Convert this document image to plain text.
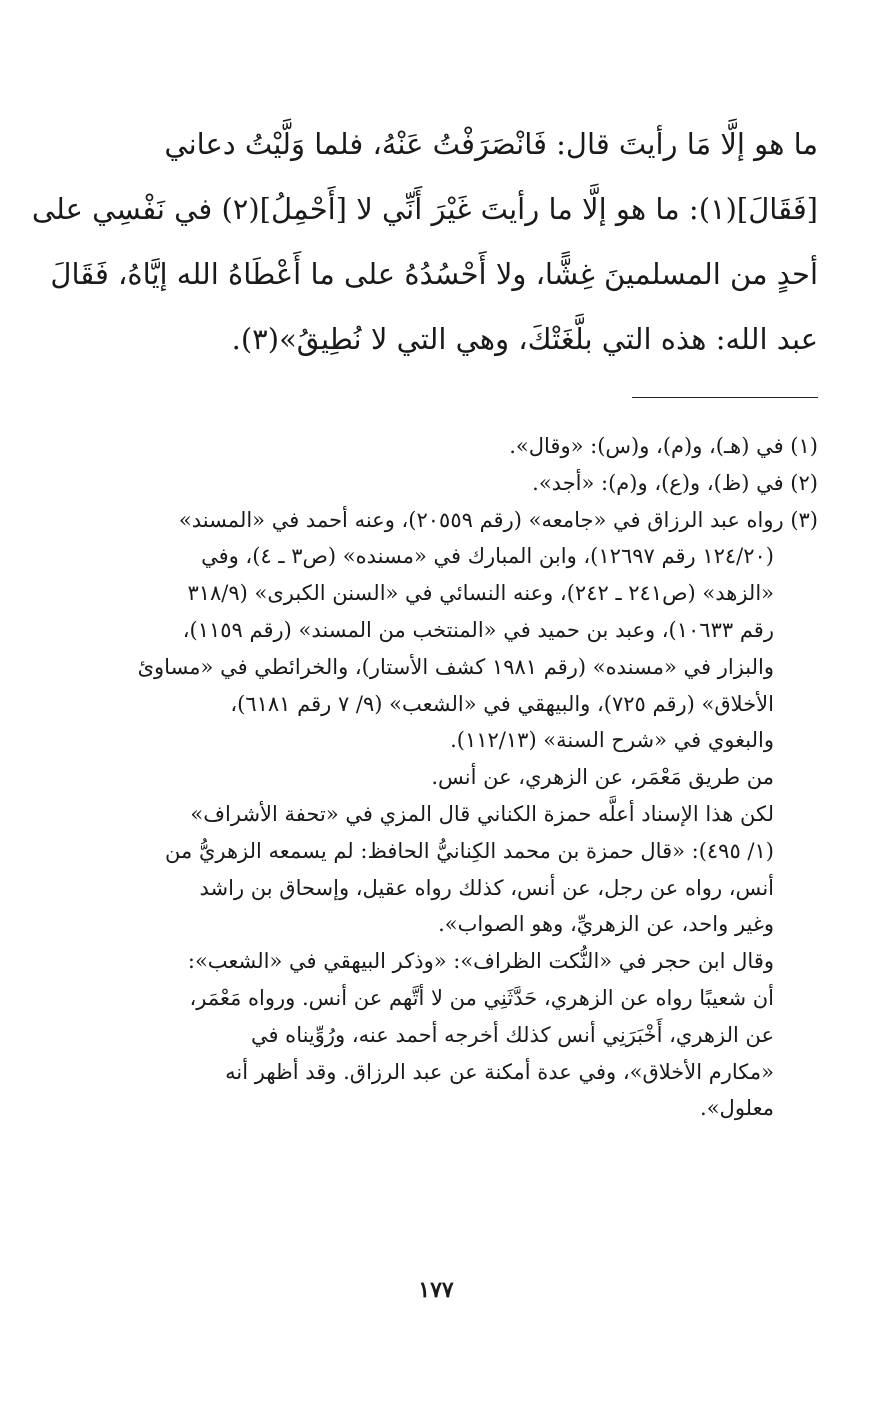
ما هو إلَّا مَا رأيتَ قال: فَانْصَرَفْتُ عَنْهُ، فلما وَلَّيْتُ دعاني
[فَقَالَ](١): ما هو إلَّا ما رأيتَ غَيْرَ أَنِّي لا [أَحْمِلُ](٢) في نَفْسِي على
أحدٍ من المسلمينَ غِشًّا، ولا أَحْسُدُهُ على ما أَعْطَاهُ الله إيَّاهُ، فَقَالَ
عبد الله: هذه التي بلَّغَتْكَ، وهي التي لا نُطِيقُ»(٣).
(١) في (هـ)، و(م)، و(س): «وقال».
(٢) في (ظ)، و(ع)، و(م): «أجد».
(٣) رواه عبد الرزاق في «جامعه» (رقم ٢٠٥٥٩)، وعنه أحمد في «المسند»
(١٢٤/٢٠ رقم ١٢٦٩٧)، وابن المبارك في «مسنده» (ص٣ ـ ٤)، وفي
«الزهد» (ص٢٤١ ـ ٢٤٢)، وعنه النسائي في «السنن الكبرى» (٣١٨/٩
رقم ١٠٦٣٣)، وعبد بن حميد في «المنتخب من المسند» (رقم ١١٥٩)،
والبزار في «مسنده» (رقم ١٩٨١ كشف الأستار)، والخرائطي في «مساوئ
الأخلاق» (رقم ٧٢٥)، والبيهقي في «الشعب» (٩/ ٧ رقم ٦١٨١)،
والبغوي في «شرح السنة» (١١٢/١٣).
من طريق مَعْمَر، عن الزهري، عن أنس.
لكن هذا الإسناد أعلَّه حمزة الكناني قال المزي في «تحفة الأشراف»
(١/ ٤٩٥): «قال حمزة بن محمد الكِنانيُّ الحافظ: لم يسمعه الزهريُّ من
أنس، رواه عن رجل، عن أنس، كذلك رواه عقيل، وإسحاق بن راشد
وغير واحد، عن الزهريِّ، وهو الصواب».
وقال ابن حجر في «النُّكت الظراف»: «وذكر البيهقي في «الشعب»:
أن شعيبًا رواه عن الزهري، حَدَّثَنِي من لا أتَّهم عن أنس. ورواه مَعْمَر،
عن الزهري، أَخْبَرَنِي أنس كذلك أخرجه أحمد عنه، ورُوِّيناه في
«مكارم الأخلاق»، وفي عدة أمكنة عن عبد الرزاق. وقد أظهر أنه
معلول».
١٧٧
